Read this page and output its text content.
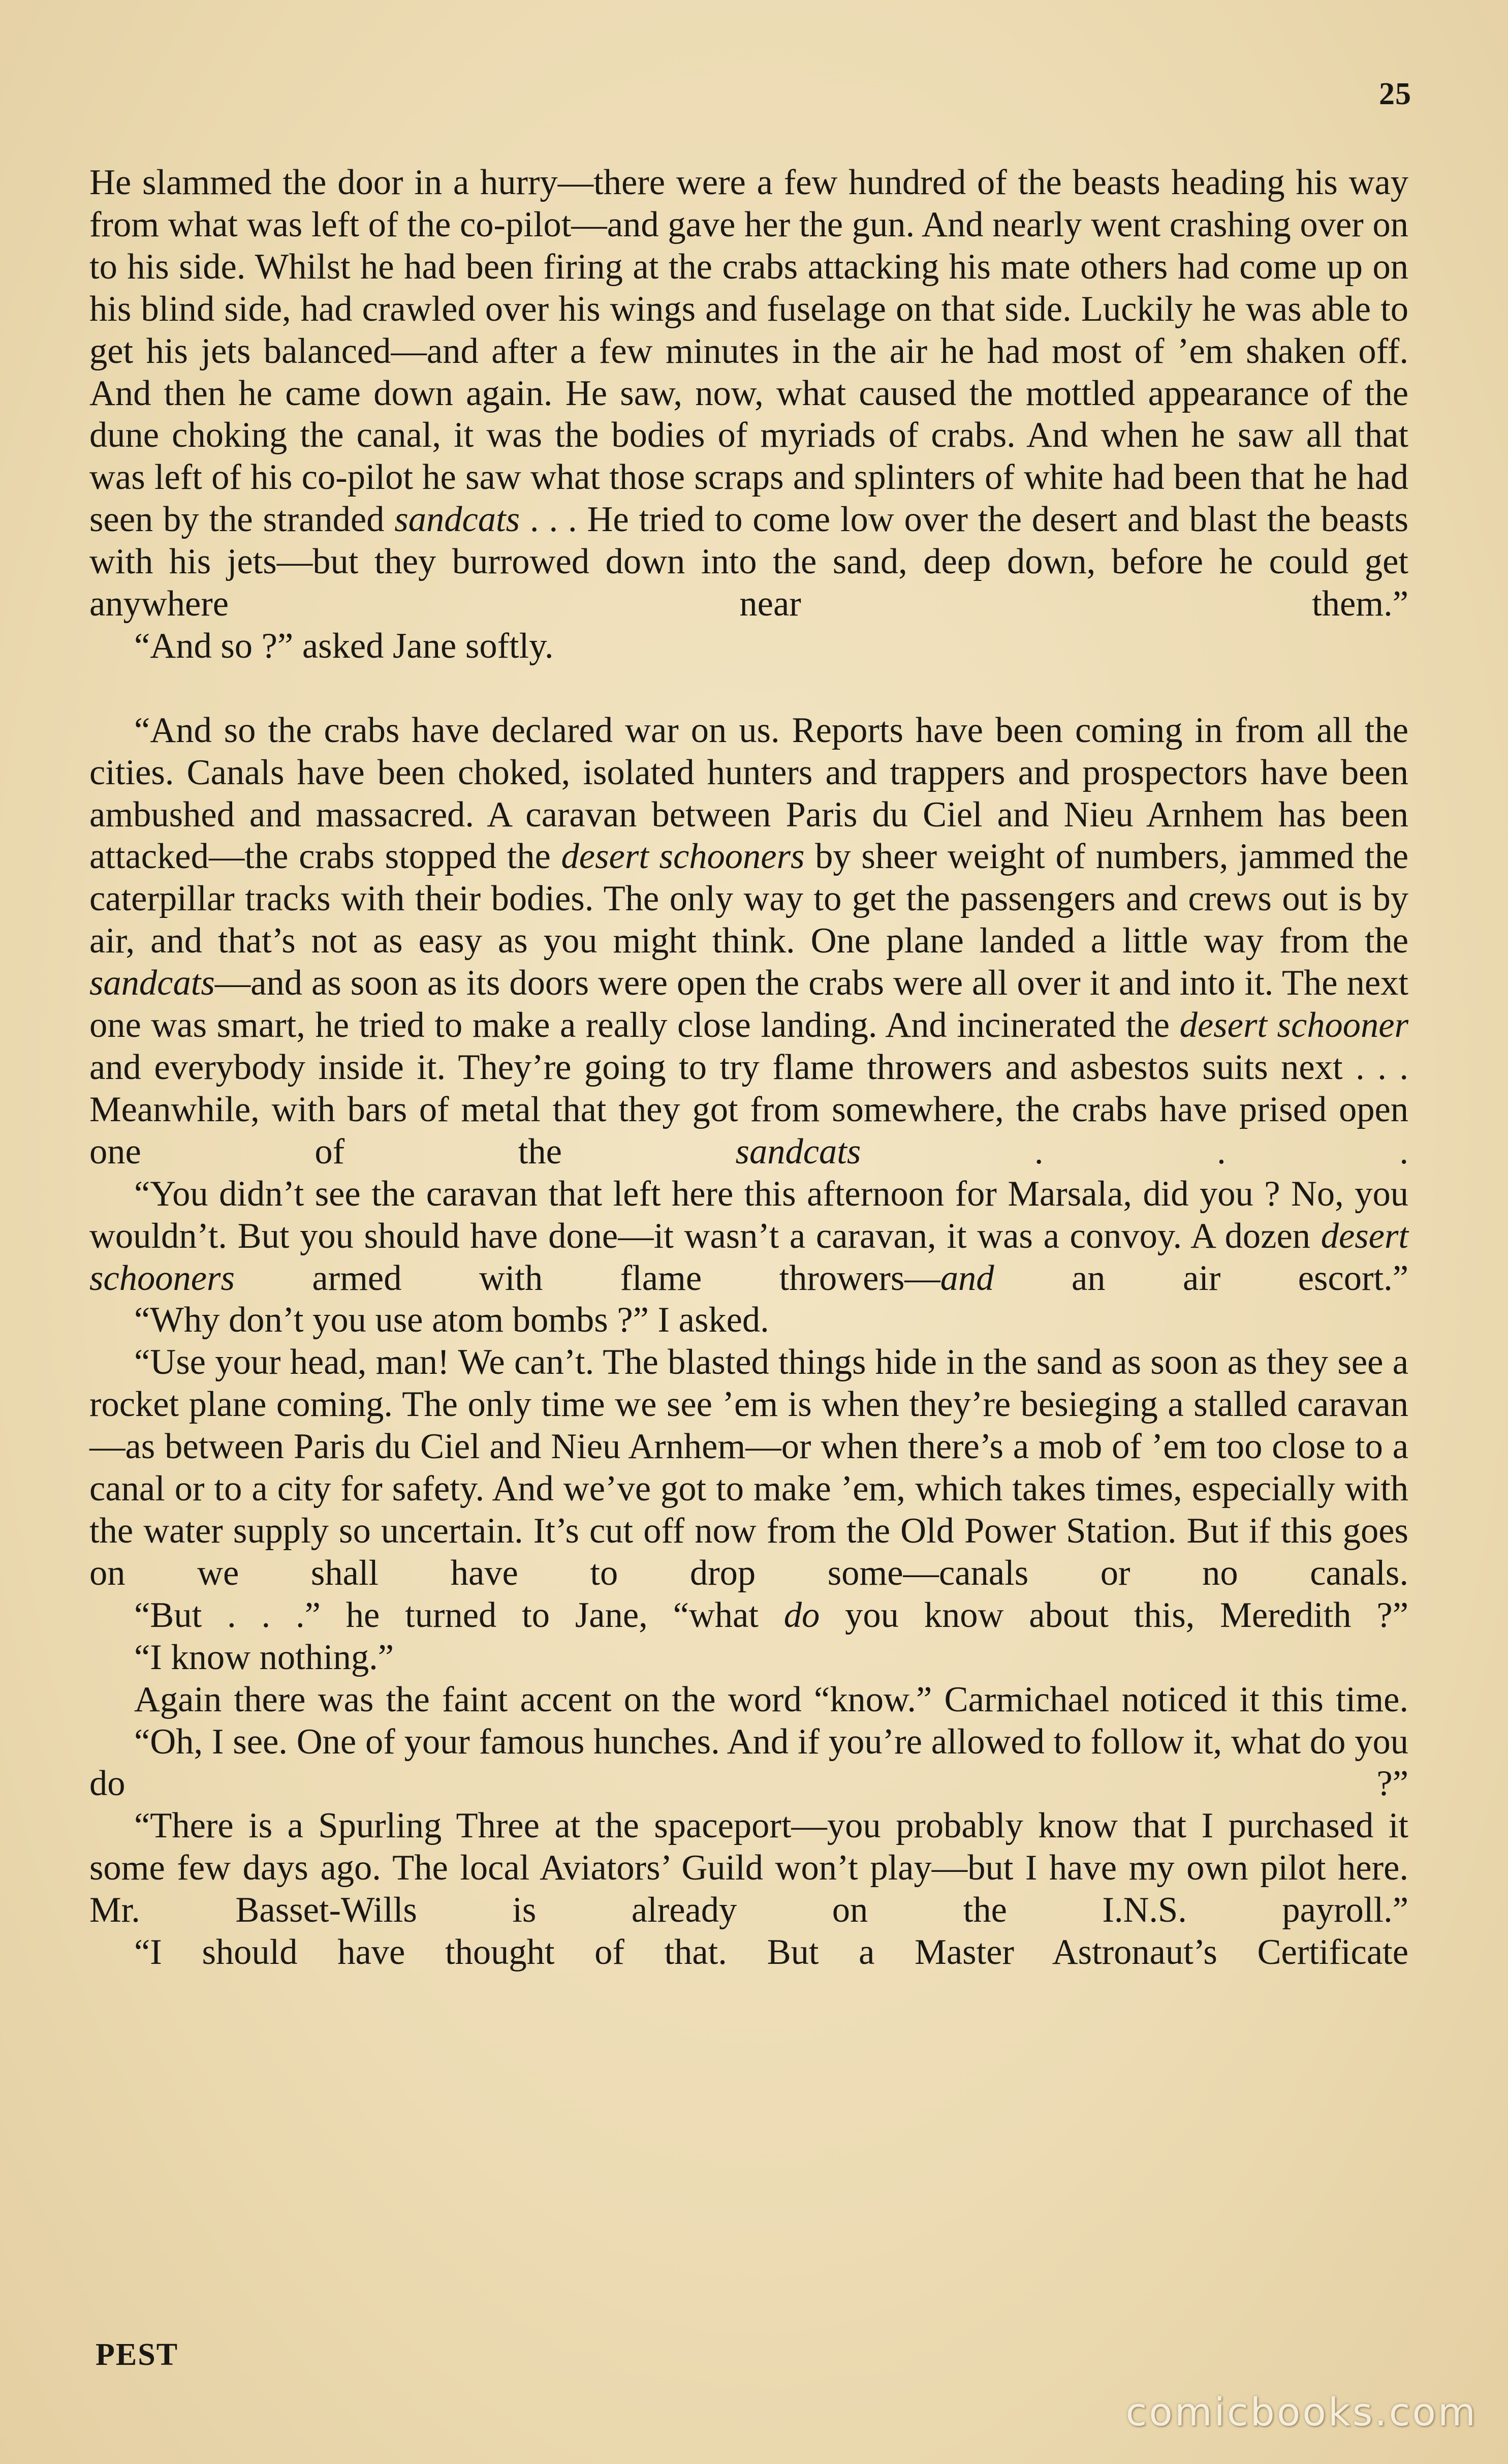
25

He slammed the door in a hurry—there were a few hundred of the beasts heading his way from what was left of the co-pilot—and gave her the gun. And nearly went crashing over on to his side. Whilst he had been firing at the crabs attacking his mate others had come up on his blind side, had crawled over his wings and fuselage on that side. Luckily he was able to get his jets balanced—and after a few minutes in the air he had most of ’em shaken off. And then he came down again. He saw, now, what caused the mottled appearance of the dune choking the canal, it was the bodies of myriads of crabs. And when he saw all that was left of his co-pilot he saw what those scraps and splinters of white had been that he had seen by the stranded sandcats . . . He tried to come low over the desert and blast the beasts with his jets—but they burrowed down into the sand, deep down, before he could get anywhere near them.”

“And so ?” asked Jane softly.

“And so the crabs have declared war on us. Reports have been coming in from all the cities. Canals have been choked, isolated hunters and trappers and prospectors have been ambushed and massacred. A caravan between Paris du Ciel and Nieu Arnhem has been attacked—the crabs stopped the desert schooners by sheer weight of numbers, jammed the caterpillar tracks with their bodies. The only way to get the passengers and crews out is by air, and that’s not as easy as you might think. One plane landed a little way from the sandcats—and as soon as its doors were open the crabs were all over it and into it. The next one was smart, he tried to make a really close landing. And incinerated the desert schooner and everybody inside it. They’re going to try flame throwers and asbestos suits next . . . Meanwhile, with bars of metal that they got from somewhere, the crabs have prised open one of the sandcats . . .

“You didn’t see the caravan that left here this afternoon for Marsala, did you ? No, you wouldn’t. But you should have done—it wasn’t a caravan, it was a convoy. A dozen desert schooners armed with flame throwers—and an air escort.”

“Why don’t you use atom bombs ?” I asked.

“Use your head, man! We can’t. The blasted things hide in the sand as soon as they see a rocket plane coming. The only time we see ’em is when they’re besieging a stalled caravan—as between Paris du Ciel and Nieu Arnhem—or when there’s a mob of ’em too close to a canal or to a city for safety. And we’ve got to make ’em, which takes times, especially with the water supply so uncertain. It’s cut off now from the Old Power Station. But if this goes on we shall have to drop some—canals or no canals.

“But . . .” he turned to Jane, “what do you know about this, Meredith ?”

“I know nothing.”

Again there was the faint accent on the word “know.” Carmichael noticed it this time.

“Oh, I see. One of your famous hunches. And if you’re allowed to follow it, what do you do ?”

“There is a Spurling Three at the spaceport—you probably know that I purchased it some few days ago. The local Aviators’ Guild won’t play—but I have my own pilot here. Mr. Basset-Wills is already on the I.N.S. payroll.”

“I should have thought of that. But a Master Astronaut’s Certificate

PEST
comicbooks.com
